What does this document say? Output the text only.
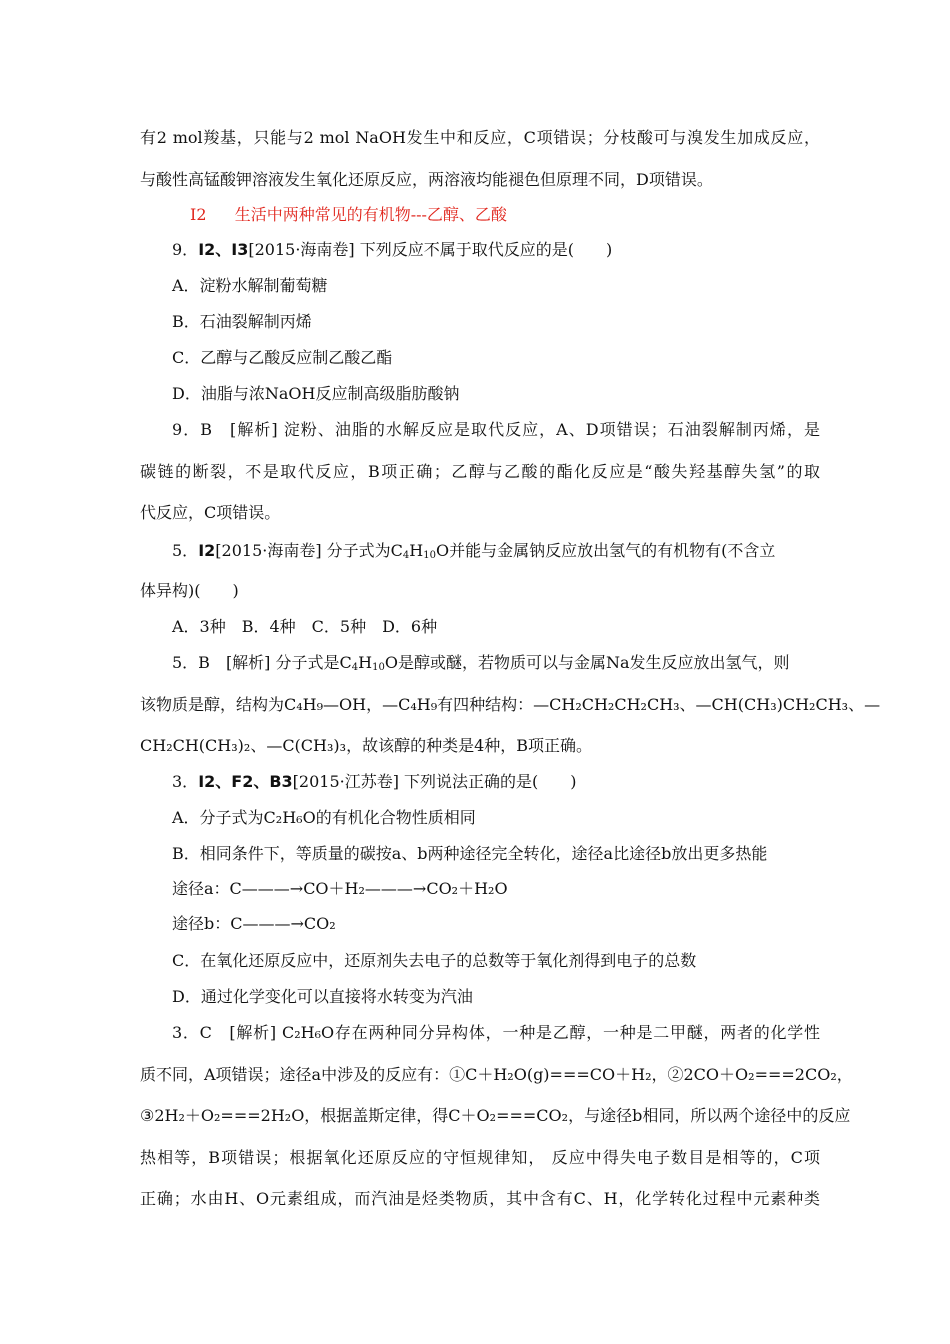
有2 mol羧基，只能与2 mol NaOH发生中和反应，C项错误；分枝酸可与溴发生加成反应，
与酸性高锰酸钾溶液发生氧化还原反应，两溶液均能褪色但原理不同，D项错误。
I2 生活中两种常见的有机物---乙醇、乙酸
9．I2、I3[2015·海南卷] 下列反应不属于取代反应的是(　　)
A．淀粉水解制葡萄糖
B．石油裂解制丙烯
C．乙醇与乙酸反应制乙酸乙酯
D．油脂与浓NaOH反应制高级脂肪酸钠
9．B　[解析] 淀粉、油脂的水解反应是取代反应，A、D项错误；石油裂解制丙烯，是
碳链的断裂，不是取代反应，B项正确；乙醇与乙酸的酯化反应是“酸失羟基醇失氢”的取
代反应，C项错误。
5．I2[2015·海南卷] 分子式为$C_4H_{10}O$并能与金属钠反应放出氢气的有机物有(不含立
体异构)(　　)
A．3种　B．4种　C．5种　D．6种
5．B　[解析] 分子式是$C_4H_{10}O$是醇或醚，若物质可以与金属Na发生反应放出氢气，则
该物质是醇，结构为C₄H₉—OH，—C₄H₉有四种结构：—CH₂CH₂CH₂CH₃、—CH(CH₃)CH₂CH₃、—
CH₂CH(CH₃)₂、—C(CH₃)₃，故该醇的种类是4种，B项正确。
3．I2、F2、B3[2015·江苏卷] 下列说法正确的是(　　)
A．分子式为C₂H₆O的有机化合物性质相同
B．相同条件下，等质量的碳按a、b两种途径完全转化，途径a比途径b放出更多热能
途径a：C———→CO＋H₂———→CO₂＋H₂O
途径b：C———→CO₂
C．在氧化还原反应中，还原剂失去电子的总数等于氧化剂得到电子的总数
D．通过化学变化可以直接将水转变为汽油
3．C　[解析] C₂H₆O存在两种同分异构体，一种是乙醇，一种是二甲醚，两者的化学性
质不同，A项错误；途径a中涉及的反应有：①C＋H₂O(g)===CO＋H₂，②2CO＋O₂===2CO₂，
③2H₂＋O₂===2H₂O，根据盖斯定律，得C＋O₂===CO₂，与途径b相同，所以两个途径中的反应
热相等，B项错误；根据氧化还原反应的守恒规律知， 反应中得失电子数目是相等的，C项
正确；水由H、O元素组成，而汽油是烃类物质，其中含有C、H，化学转化过程中元素种类
